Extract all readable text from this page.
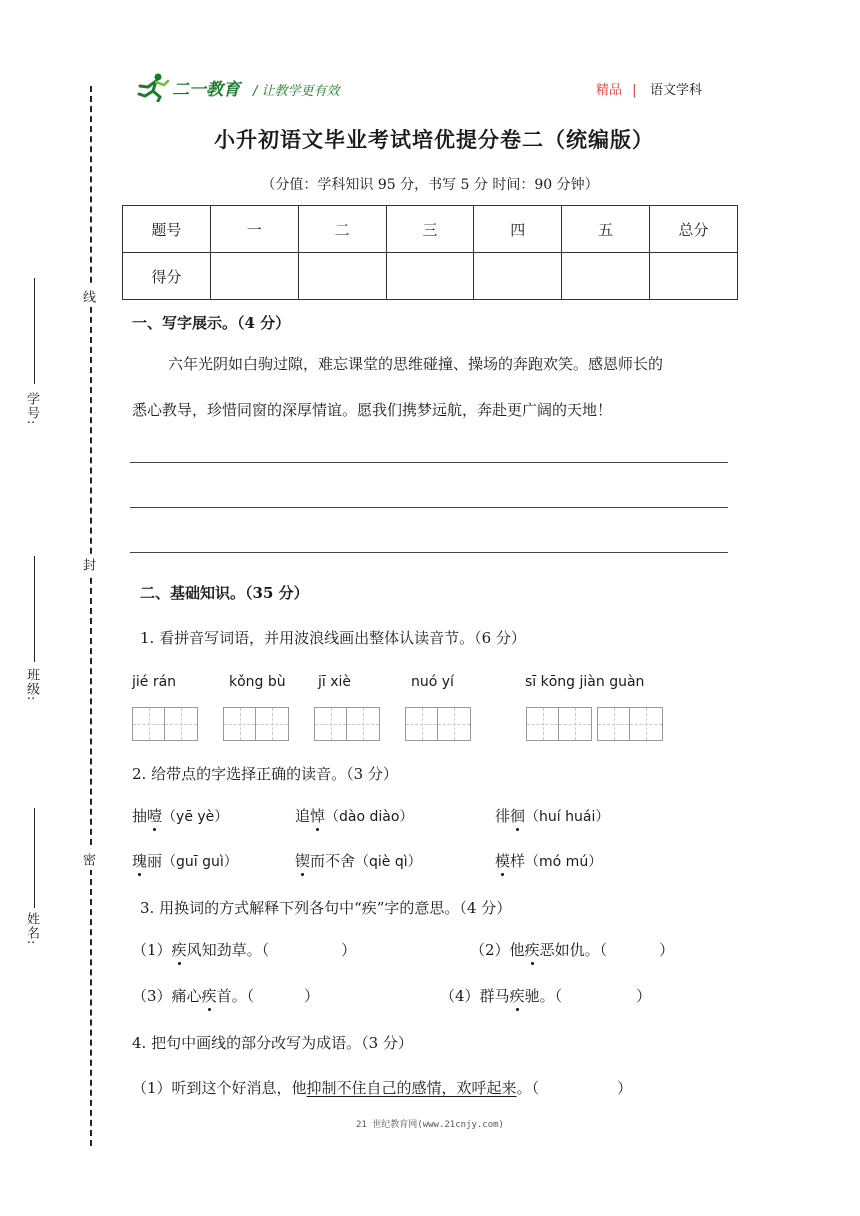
线
封
密
学号:
班级:
姓名:
二一教育 / 让教学更有效	精品 | 语文学科
小升初语文毕业考试培优提分卷二（统编版）
（分值：学科知识 95 分，书写 5 分 时间：90 分钟）
题号	一	二	三	四	五	总分
得分						
一、写字展示。（4 分）
六年光阴如白驹过隙，难忘课堂的思维碰撞、操场的奔跑欢笑。感恩师长的
悉心教导，珍惜同窗的深厚情谊。愿我们携梦远航，奔赴更广阔的天地！
二、基础知识。（35 分）
1. 看拼音写词语，并用波浪线画出整体认读音节。（6 分）
jié rán	kǒng bù jī xiè	nuó yí	sī kōng jiàn guàn
2. 给带点的字选择正确的读音。（3 分）
抽噎（yē yè）	追悼（dào diào）	徘徊（huí huái）
瑰丽（guī guì）	锲而不舍（qiè qì）	模样（mó mú）
3. 用换词的方式解释下列各句中“疾”字的意思。（4 分）
（1）疾风知劲草。（	）	（2）他疾恶如仇。（	）
（3）痛心疾首。（	）	（4）群马疾驰。（	）
4. 把句中画线的部分改写为成语。（3 分）
（1）听到这个好消息，他抑制不住自己的感情，欢呼起来。（	）
21 世纪教育网(www.21cnjy.com)
